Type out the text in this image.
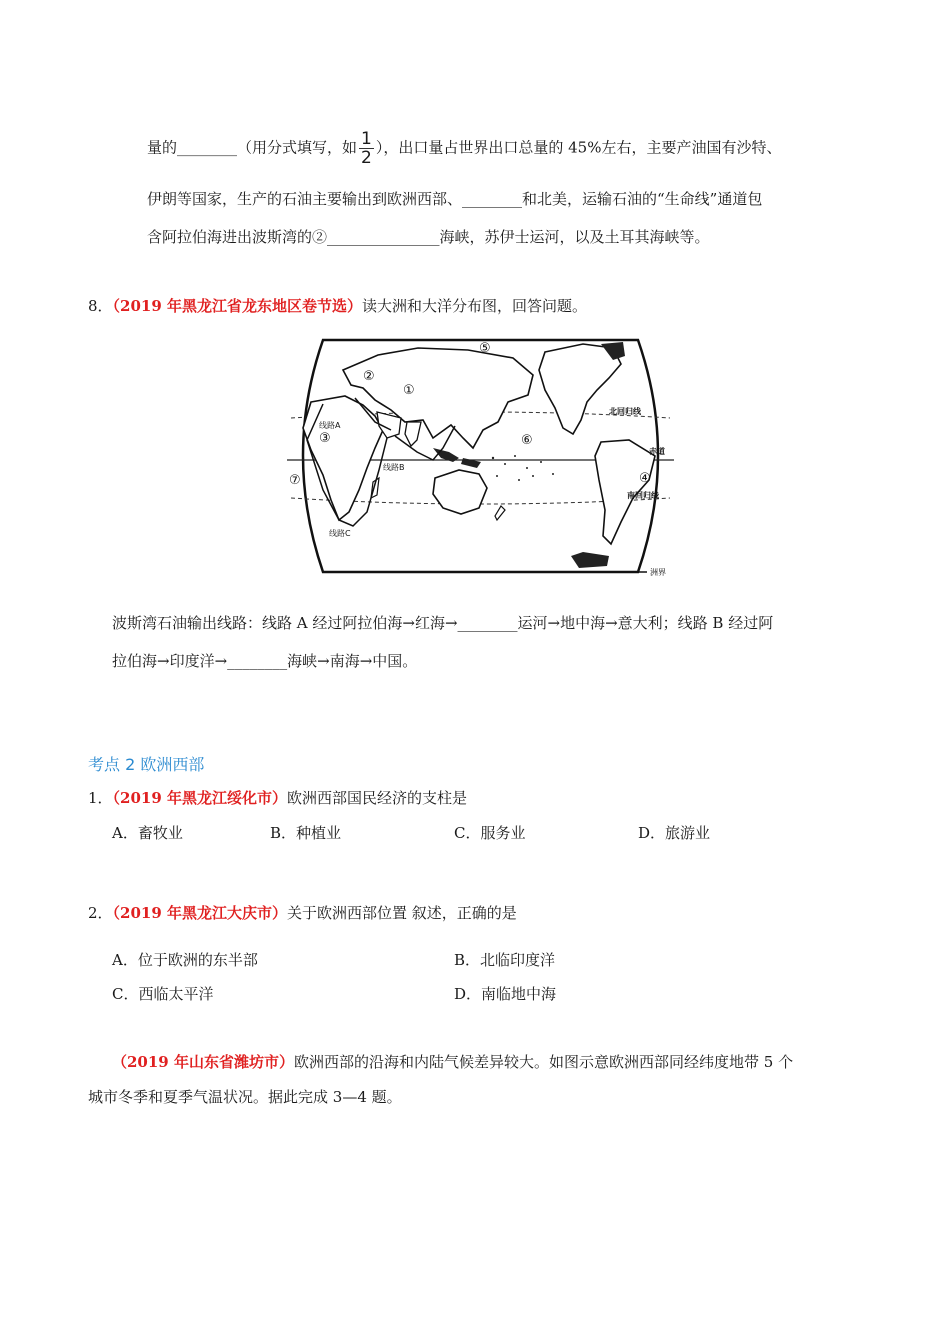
量的________（用分式填写，如 $\frac{1}{2}$ ），出口量占世界出口总量的 45%左右，主要产油国有沙特、
伊朗等国家，生产的石油主要输出到欧洲西部、________和北美，运输石油的“生命线”通道包
含阿拉伯海进出波斯湾的②_______________海峡，苏伊士运河，以及土耳其海峡等。
8．（2019 年黑龙江省龙东地区卷节选）读大洲和大洋分布图，回答问题。
①
②
③
④
⑤
⑥
⑦
线路A
线路B
线路C
北回归线
赤道
南回归线
洲界
波斯湾石油输出线路：线路 A 经过阿拉伯海→红海→________运河→地中海→意大利；线路 B 经过阿
拉伯海→印度洋→________海峡→南海→中国。
考点 2 欧洲西部
1．（2019 年黑龙江绥化市）欧洲西部国民经济的支柱是
A．畜牧业	B．种植业	C．服务业	D．旅游业
2．（2019 年黑龙江大庆市）关于欧洲西部位置 叙述，正确的是
A．位于欧洲的东半部	B．北临印度洋
C．西临太平洋	D．南临地中海
（2019 年山东省潍坊市）欧洲西部的沿海和内陆气候差异较大。如图示意欧洲西部同经纬度地带 5 个
城市冬季和夏季气温状况。据此完成 3—4 题。
